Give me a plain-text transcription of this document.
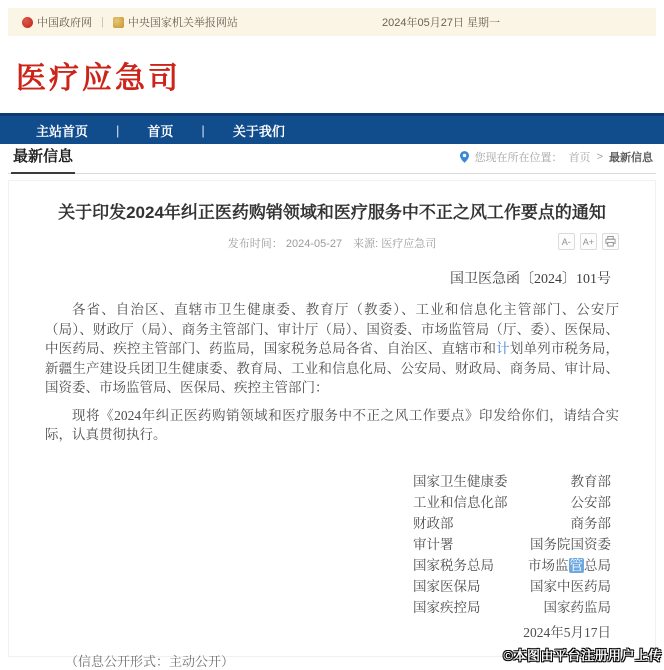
中国政府网 | 中央国家机关举报网站	2024年05月27日 星期一
医疗应急司
主站首页	|	首页	|	关于我们
最新信息	您现在所在位置： 首页 > 最新信息
关于印发2024年纠正医药购销领域和医疗服务中不正之风工作要点的通知
发布时间： 2024-05-27　来源: 医疗应急司	A-	A+
国卫医急函〔2024〕101号

各省、自治区、直辖市卫生健康委、教育厅（教委）、工业和信息化主管部门、公安厅（局）、财政厅（局）、商务主管部门、审计厅（局）、国资委、市场监管局（厅、委）、医保局、中医药局、疾控主管部门、药监局，国家税务总局各省、自治区、直辖市和计划单列市税务局，新疆生产建设兵团卫生健康委、教育局、工业和信息化局、公安局、财政局、商务局、审计局、国资委、市场监管局、医保局、疾控主管部门：

现将《2024年纠正医药购销领域和医疗服务中不正之风工作要点》印发给你们，请结合实际，认真贯彻执行。

国家卫生健康委	教育部
工业和信息化部	公安部
财政部	商务部
审计署	国务院国资委
国家税务总局	市场监管总局
国家医保局	国家中医药局
国家疾控局	国家药监局
2024年5月17日
（信息公开形式：主动公开）	©本图由平台注册用户上传
